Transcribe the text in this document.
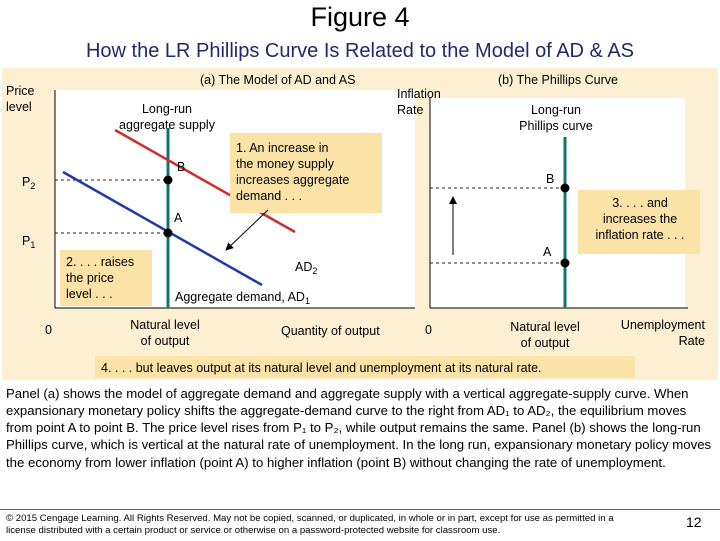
Figure 4
How the LR Phillips Curve Is Related to the Model of AD & AS
(a) The Model of AD and AS
Price
level	Long-run
aggregate supply
B
A
$P_2$
$P_1$
1. An increase in
the money supply
increases aggregate
demand . . .
2. . . . raises
the price
level . . .
$AD_2$
Aggregate demand, $AD_1$
0	Natural level
of output
Quantity of output
(b) The Phillips Curve
Inflation
Rate	Long-run
Phillips curve
B
A
3. . . . and
increases the
inflation rate . . .
0	Natural level
of output
Unemployment
Rate
4. . . . but leaves output at its natural level and unemployment at its natural rate.
Panel (a) shows the model of aggregate demand and aggregate supply with a vertical aggregate-supply curve. When expansionary monetary policy shifts the aggregate-demand curve to the right from AD₁ to AD₂, the equilibrium moves from point A to point B. The price level rises from P₁ to P₂, while output remains the same. Panel (b) shows the long-run Phillips curve, which is vertical at the natural rate of unemployment. In the long run, expansionary monetary policy moves the economy from lower inflation (point A) to higher inflation (point B) without changing the rate of unemployment.
© 2015 Cengage Learning. All Rights Reserved. May not be copied, scanned, or duplicated, in whole or in part, except for use as permitted in a license distributed with a certain product or service or otherwise on a password-protected website for classroom use.
12
